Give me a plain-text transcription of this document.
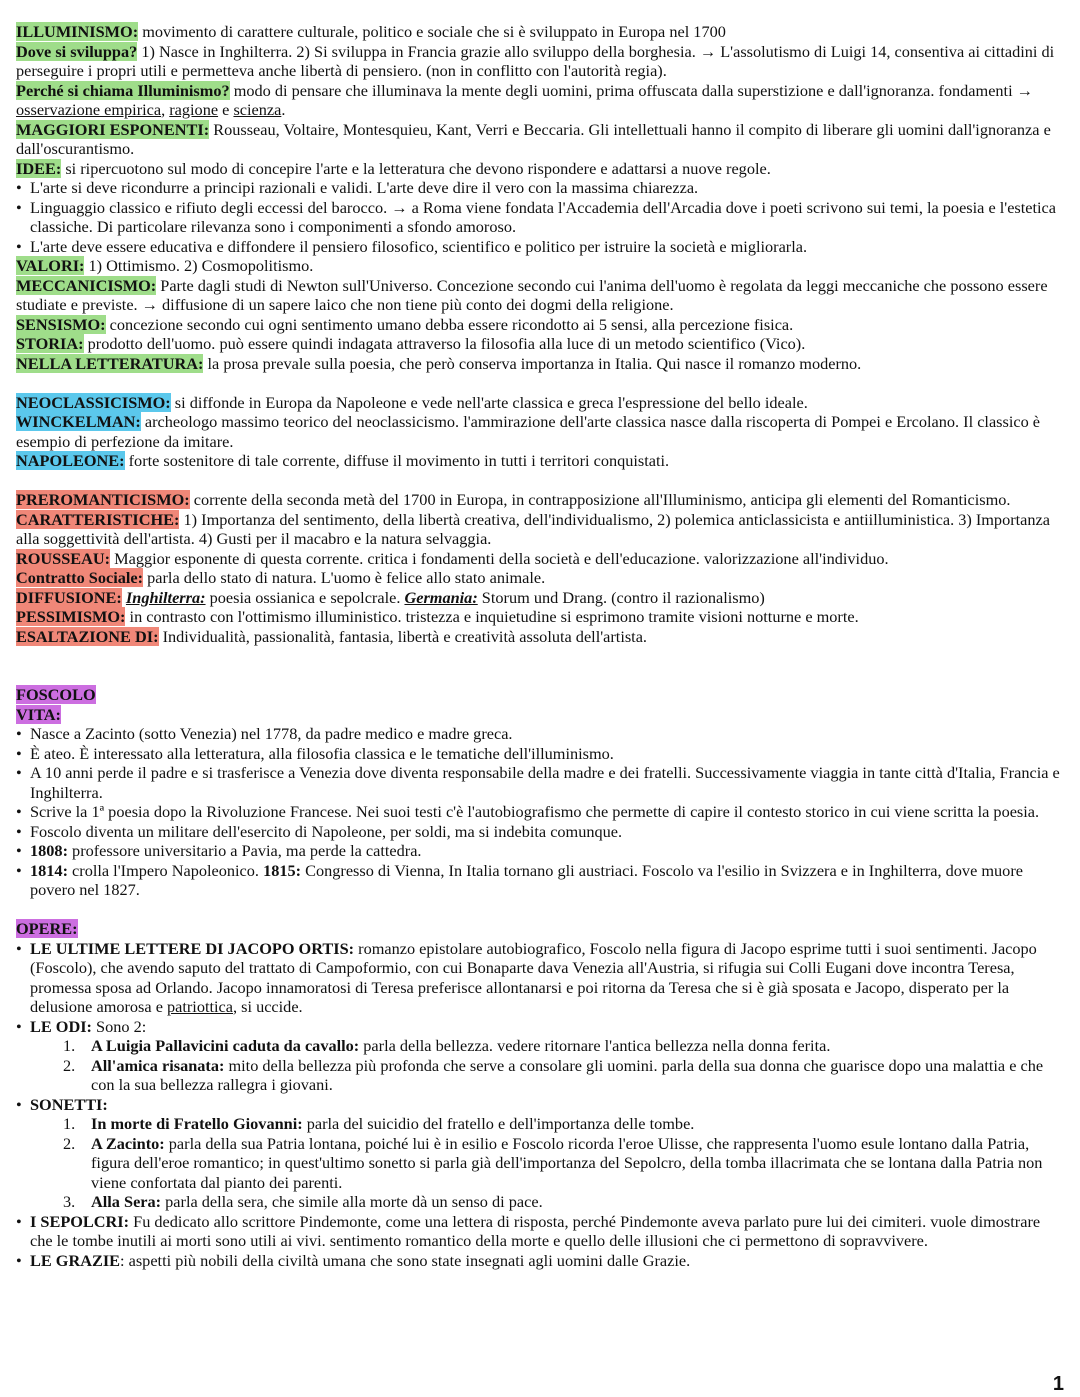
ILLUMINISMO: movimento di carattere culturale, politico e sociale che si è sviluppato in Europa nel 1700

Dove si sviluppa? 1) Nasce in Inghilterra. 2) Si sviluppa in Francia grazie allo sviluppo della borghesia. → L'assolutismo di Luigi 14, consentiva ai cittadini di perseguire i propri utili e permetteva anche libertà di pensiero. (non in conflitto con l'autorità regia).

Perché si chiama Illuminismo? modo di pensare che illuminava la mente degli uomini, prima offuscata dalla superstizione e dall'ignoranza. fondamenti → osservazione empirica, ragione e scienza.

MAGGIORI ESPONENTI: Rousseau, Voltaire, Montesquieu, Kant, Verri e Beccaria. Gli intellettuali hanno il compito di liberare gli uomini dall'ignoranza e dall'oscurantismo.

IDEE: si ripercuotono sul modo di concepire l'arte e la letteratura che devono rispondere e adattarsi a nuove regole.

• L'arte si deve ricondurre a principi razionali e validi. L'arte deve dire il vero con la massima chiarezza.
• Linguaggio classico e rifiuto degli eccessi del barocco. → a Roma viene fondata l'Accademia dell'Arcadia dove i poeti scrivono sui temi, la poesia e l'estetica classiche. Di particolare rilevanza sono i componimenti a sfondo amoroso.
• L'arte deve essere educativa e diffondere il pensiero filosofico, scientifico e politico per istruire la società e migliorarla.

VALORI: 1) Ottimismo. 2) Cosmopolitismo.

MECCANICISMO: Parte dagli studi di Newton sull'Universo. Concezione secondo cui l'anima dell'uomo è regolata da leggi meccaniche che possono essere studiate e previste. → diffusione di un sapere laico che non tiene più conto dei dogmi della religione.

SENSISMO: concezione secondo cui ogni sentimento umano debba essere ricondotto ai 5 sensi, alla percezione fisica.

STORIA: prodotto dell'uomo. può essere quindi indagata attraverso la filosofia alla luce di un metodo scientifico (Vico).

NELLA LETTERATURA: la prosa prevale sulla poesia, che però conserva importanza in Italia. Qui nasce il romanzo moderno.

NEOCLASSICISMO: si diffonde in Europa da Napoleone e vede nell'arte classica e greca l'espressione del bello ideale.

WINCKELMAN: archeologo massimo teorico del neoclassicismo. l'ammirazione dell'arte classica nasce dalla riscoperta di Pompei e Ercolano. Il classico è esempio di perfezione da imitare.

NAPOLEONE: forte sostenitore di tale corrente, diffuse il movimento in tutti i territori conquistati.

PREROMANTICISMO: corrente della seconda metà del 1700 in Europa, in contrapposizione all'Illuminismo, anticipa gli elementi del Romanticismo.

CARATTERISTICHE: 1) Importanza del sentimento, della libertà creativa, dell'individualismo, 2) polemica anticlassicista e antiilluministica. 3) Importanza alla soggettività dell'artista. 4) Gusti per il macabro e la natura selvaggia.

ROUSSEAU: Maggior esponente di questa corrente. critica i fondamenti della società e dell'educazione. valorizzazione all'individuo.

Contratto Sociale: parla dello stato di natura. L'uomo è felice allo stato animale.

DIFFUSIONE: Inghilterra: poesia ossianica e sepolcrale. Germania: Storum und Drang. (contro il razionalismo)

PESSIMISMO: in contrasto con l'ottimismo illuministico. tristezza e inquietudine si esprimono tramite visioni notturne e morte.

ESALTAZIONE DI: Individualità, passionalità, fantasia, libertà e creatività assoluta dell'artista.

FOSCOLO

VITA:

• Nasce a Zacinto (sotto Venezia) nel 1778, da padre medico e madre greca.
• È ateo. È interessato alla letteratura, alla filosofia classica e le tematiche dell'illuminismo.
• A 10 anni perde il padre e si trasferisce a Venezia dove diventa responsabile della madre e dei fratelli. Successivamente viaggia in tante città d'Italia, Francia e Inghilterra.
• Scrive la 1ª poesia dopo la Rivoluzione Francese. Nei suoi testi c'è l'autobiografismo che permette di capire il contesto storico in cui viene scritta la poesia.
• Foscolo diventa un militare dell'esercito di Napoleone, per soldi, ma si indebita comunque.
• 1808: professore universitario a Pavia, ma perde la cattedra.
• 1814: crolla l'Impero Napoleonico. 1815: Congresso di Vienna, In Italia tornano gli austriaci. Foscolo va l'esilio in Svizzera e in Inghilterra, dove muore povero nel 1827.

OPERE:

• LE ULTIME LETTERE DI JACOPO ORTIS: romanzo epistolare autobiografico, Foscolo nella figura di Jacopo esprime tutti i suoi sentimenti. Jacopo (Foscolo), che avendo saputo del trattato di Campoformio, con cui Bonaparte dava Venezia all'Austria, si rifugia sui Colli Eugani dove incontra Teresa, promessa sposa ad Orlando. Jacopo innamoratosi di Teresa preferisce allontanarsi e poi ritorna da Teresa che si è già sposata e Jacopo, disperato per la delusione amorosa e patriottica, si uccide.
• LE ODI: Sono 2:
1. A Luigia Pallavicini caduta da cavallo: parla della bellezza. vedere ritornare l'antica bellezza nella donna ferita.
2. All'amica risanata: mito della bellezza più profonda che serve a consolare gli uomini. parla della sua donna che guarisce dopo una malattia e che con la sua bellezza rallegra i giovani.
• SONETTI:
1. In morte di Fratello Giovanni: parla del suicidio del fratello e dell'importanza delle tombe.
2. A Zacinto: parla della sua Patria lontana, poiché lui è in esilio e Foscolo ricorda l'eroe Ulisse, che rappresenta l'uomo esule lontano dalla Patria, figura dell'eroe romantico; in quest'ultimo sonetto si parla già dell'importanza del Sepolcro, della tomba illacrimata che se lontana dalla Patria non viene confortata dal pianto dei parenti.
3. Alla Sera: parla della sera, che simile alla morte dà un senso di pace.
• I SEPOLCRI: Fu dedicato allo scrittore Pindemonte, come una lettera di risposta, perché Pindemonte aveva parlato pure lui dei cimiteri. vuole dimostrare che le tombe inutili ai morti sono utili ai vivi. sentimento romantico della morte e quello delle illusioni che ci permettono di sopravvivere.
• LE GRAZIE: aspetti più nobili della civiltà umana che sono state insegnati agli uomini dalle Grazie.
1
